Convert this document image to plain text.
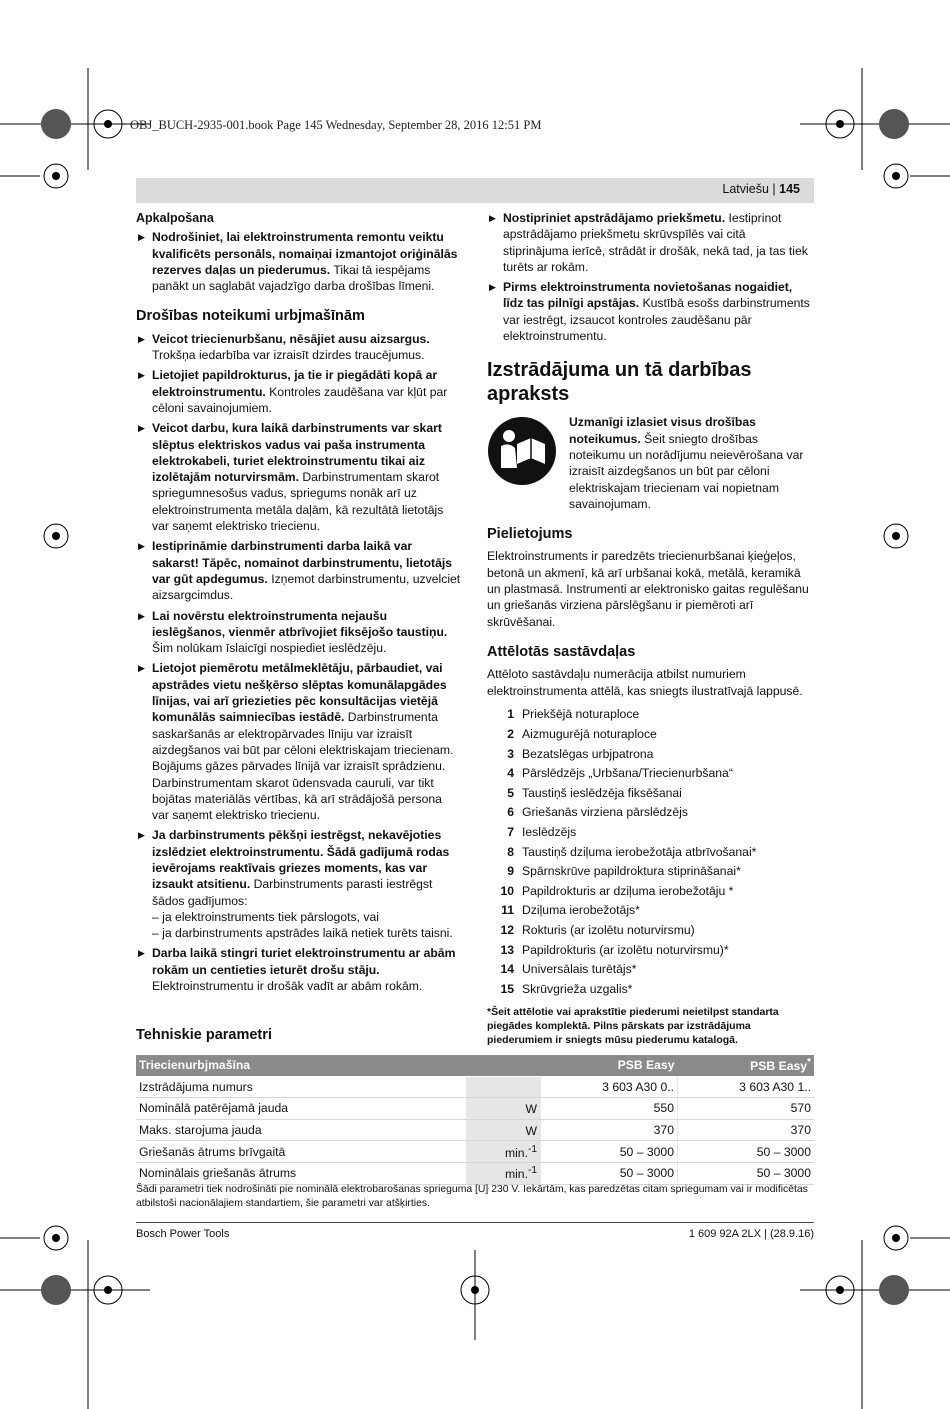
OBJ_BUCH-2935-001.book Page 145 Wednesday, September 28, 2016 12:51 PM
Latviešu | 145
Apkalpošana
▶ Nodrošiniet, lai elektroinstrumenta remontu veiktu kvalificēts personāls, nomaiņai izmantojot oriģinālās rezerves daļas un piederumus. Tikai tā iespējams panākt un saglabāt vajadzīgo darba drošības līmeni.
Drošības noteikumi urbjmašīnām
▶ Veicot triecienurbšanu, nēsājiet ausu aizsargus. Trokšņa iedarbība var izraisīt dzirdes traucējumus.
▶ Lietojiet papildrokturus, ja tie ir piegādāti kopā ar elektroinstrumentu. Kontroles zaudēšana var kļūt par cēloni savainojumiem.
▶ Veicot darbu, kura laikā darbinstruments var skart slēptus elektriskos vadus vai paša instrumenta elektrokabeli, turiet elektroinstrumentu tikai aiz izolētajām noturvirsmām. Darbinstrumentam skarot spriegumnesošus vadus, spriegums nonāk arī uz elektroinstrumenta metāla daļām, kā rezultātā lietotājs var saņemt elektrisko triecienu.
▶ Iestiprināmie darbinstrumenti darba laikā var sakarst! Tāpēc, nomainot darbinstrumentu, lietotājs var gūt apdegumus. Izņemot darbinstrumentu, uzvelciet aizsargcimdus.
▶ Lai novērstu elektroinstrumenta nejaušu ieslēgšanos, vienmēr atbrīvojiet fiksējošo taustiņu. Šim nolūkam īslaicīgi nospiediet ieslēdzēju.
▶ Lietojot piemērotu metālmeklētāju, pārbaudiet, vai apstrādes vietu nešķērso slēptas komunālapgādes līnijas, vai arī griezieties pēc konsultācijas vietējā komunālās saimniecības iestādē. Darbinstrumenta saskaršanās ar elektropārvades līniju var izraisīt aizdegšanos vai būt par cēloni elektriskajam triecienam. Bojājums gāzes pārvades līnijā var izraisīt sprādzienu. Darbinstrumentam skarot ūdensvada cauruli, var tikt bojātas materiālās vērtības, kā arī strādājošā persona var saņemt elektrisko triecienu.
▶ Ja darbinstruments pēkšņi iestrēgst, nekavējoties izslēdziet elektroinstrumentu. Šādā gadījumā rodas ievērojams reaktīvais griezes moments, kas var izsaukt atsitienu. Darbinstruments parasti iestrēgst šādos gadījumos:
– ja elektroinstruments tiek pārslogots, vai
– ja darbinstruments apstrādes laikā netiek turēts taisni.
▶ Darba laikā stingri turiet elektroinstrumentu ar abām rokām un centieties ieturēt drošu stāju. Elektroinstrumentu ir drošāk vadīt ar abām rokām.
▶ Nostipriniet apstrādājamo priekšmetu. Iestiprinot apstrādājamo priekšmetu skrūvspīlēs vai citā stiprinājuma ierīcē, strādāt ir drošāk, nekā tad, ja tas tiek turēts ar rokām.
▶ Pirms elektroinstrumenta novietošanas nogaidiet, līdz tas pilnīgi apstājas. Kustībā esošs darbinstruments var iestrēgt, izsaucot kontroles zaudēšanu pār elektroinstrumentu.
Izstrādājuma un tā darbības apraksts
Uzmanīgi izlasiet visus drošības noteikumus. Šeit sniegto drošības noteikumu un norādījumu neievērošana var izraisīt aizdegšanos un būt par cēloni elektriskajam triecienam vai nopietnam savainojumam.
Pielietojums
Elektroinstruments ir paredzēts triecienurbšanai ķieģeļos, betonā un akmenī, kā arī urbšanai kokā, metālā, keramikā un plastmasā. Instrumenti ar elektronisko gaitas regulēšanu un griešanās virziena pārslēgšanu ir piemēroti arī skrūvēšanai.
Attēlotās sastāvdaļas
Attēloto sastāvdaļu numerācija atbilst numuriem elektroinstrumenta attēlā, kas sniegts ilustratīvajā lappusē.
1 Priekšējā noturaploce
2 Aizmugurējā noturaploce
3 Bezatslēgas urbjpatrona
4 Pārslēdzējs „Urbšana/Triecienurbšana“
5 Taustiņš ieslēdzēja fiksēšanai
6 Griešanās virziena pārslēdzējs
7 Ieslēdzējs
8 Taustiņš dziļuma ierobežotāja atbrīvošanai*
9 Spārnskrūve papildroktura stiprināšanai*
10 Papildrokturis ar dziļuma ierobežotāju *
11 Dziļuma ierobežotājs*
12 Rokturis (ar izolētu noturvirsmu)
13 Papildrokturis (ar izolētu noturvirsmu)*
14 Universālais turētājs*
15 Skrūvgrieža uzgalis*
*Šeit attēlotie vai aprakstītie piederumi neietilpst standarta piegādes komplektā. Pilns pārskats par izstrādājuma piederumiem ir sniegts mūsu piederumu katalogā.
Tehniskie parametri
Triecienurbjmašīna		PSB Easy	PSB Easy*
Izstrādājuma numurs		3 603 A30 0..	3 603 A30 1..
Nominālā patērējamā jauda	W	550	570
Maks. starojuma jauda	W	370	370
Griešanās ātrums brīvgaitā	min.$^{-1}$	50 – 3000	50 – 3000
Nominālais griešanās ātrums	min.$^{-1}$	50 – 3000	50 – 3000
Šādi parametri tiek nodrošināti pie nominālā elektrobarošanas sprieguma [U] 230 V. Iekārtām, kas paredzētas citam spriegumam vai ir modificētas atbilstoši nacionālajiem standartiem, šie parametri var atšķirties.
Bosch Power Tools	1 609 92A 2LX | (28.9.16)
